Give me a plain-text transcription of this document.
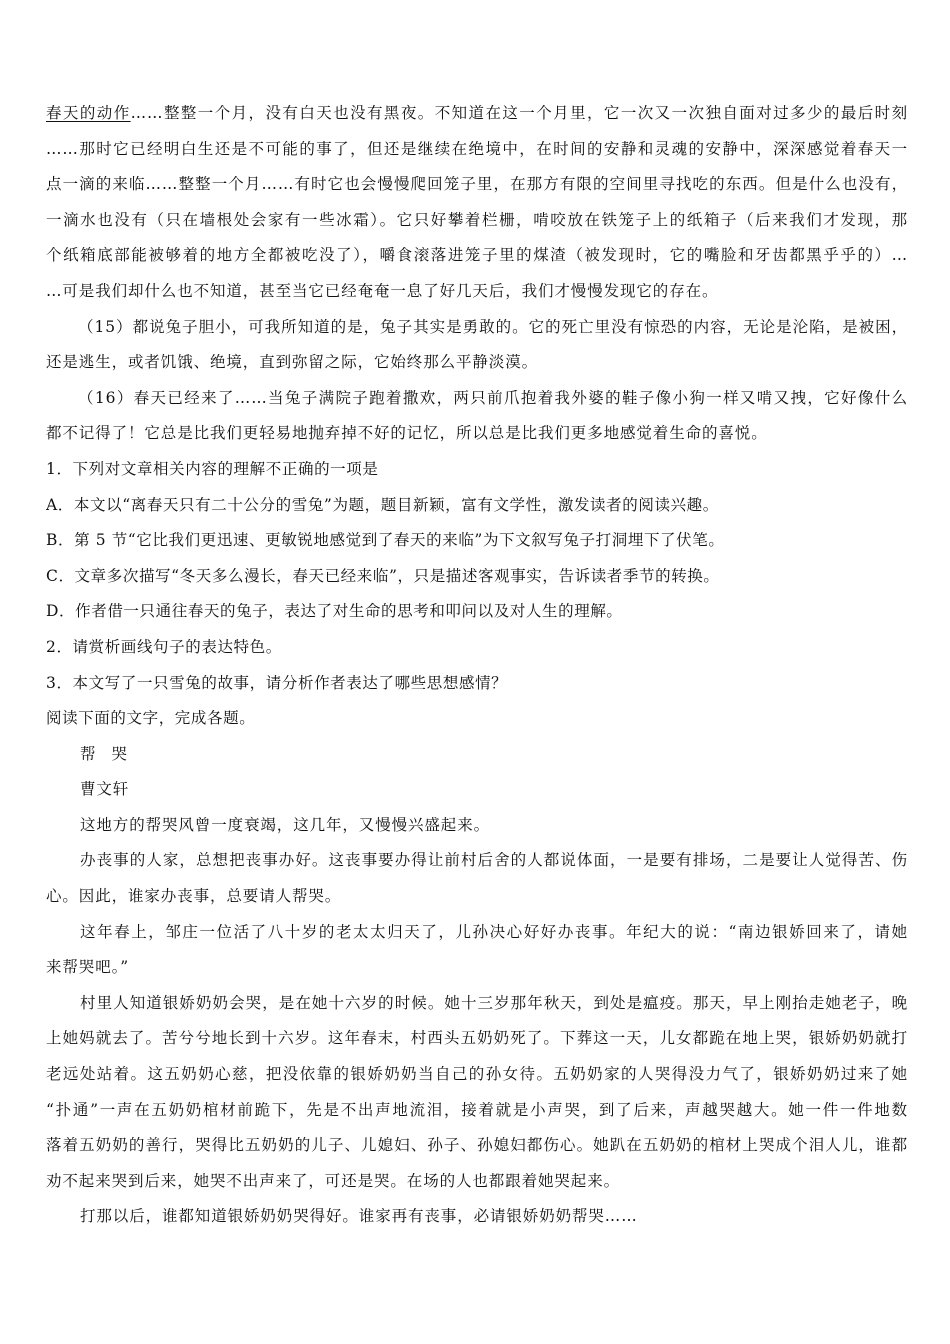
春天的动作……整整一个月，没有白天也没有黑夜。不知道在这一个月里，它一次又一次独自面对过多少的最后时刻
……那时它已经明白生还是不可能的事了，但还是继续在绝境中，在时间的安静和灵魂的安静中，深深感觉着春天一
点一滴的来临……整整一个月……有时它也会慢慢爬回笼子里，在那方有限的空间里寻找吃的东西。但是什么也没有，
一滴水也没有（只在墙根处会家有一些冰霜）。它只好攀着栏栅，啃咬放在铁笼子上的纸箱子（后来我们才发现，那
个纸箱底部能被够着的地方全都被吃没了），嚼食滚落进笼子里的煤渣（被发现时，它的嘴脸和牙齿都黑乎乎的）…
…可是我们却什么也不知道，甚至当它已经奄奄一息了好几天后，我们才慢慢发现它的存在。
（15）都说兔子胆小，可我所知道的是，兔子其实是勇敢的。它的死亡里没有惊恐的内容，无论是沦陷，是被困，
还是逃生，或者饥饿、绝境，直到弥留之际，它始终那么平静淡漠。
（16）春天已经来了……当兔子满院子跑着撒欢，两只前爪抱着我外婆的鞋子像小狗一样又啃又拽，它好像什么
都不记得了！它总是比我们更轻易地抛弃掉不好的记忆，所以总是比我们更多地感觉着生命的喜悦。
1．下列对文章相关内容的理解不正确的一项是
A．本文以“离春天只有二十公分的雪兔”为题，题目新颖，富有文学性，激发读者的阅读兴趣。
B．第 5 节“它比我们更迅速、更敏锐地感觉到了春天的来临”为下文叙写兔子打洞埋下了伏笔。
C．文章多次描写“冬天多么漫长，春天已经来临”，只是描述客观事实，告诉读者季节的转换。
D．作者借一只通往春天的兔子，表达了对生命的思考和叩问以及对人生的理解。
2．请赏析画线句子的表达特色。
3．本文写了一只雪兔的故事，请分析作者表达了哪些思想感情？
阅读下面的文字，完成各题。
帮 哭
曹文轩
这地方的帮哭风曾一度衰竭，这几年，又慢慢兴盛起来。
办丧事的人家，总想把丧事办好。这丧事要办得让前村后舍的人都说体面，一是要有排场，二是要让人觉得苦、伤
心。因此，谁家办丧事，总要请人帮哭。
这年春上，邹庄一位活了八十岁的老太太归天了，儿孙决心好好办丧事。年纪大的说：“南边银娇回来了，请她
来帮哭吧。”
村里人知道银娇奶奶会哭，是在她十六岁的时候。她十三岁那年秋天，到处是瘟疫。那天，早上刚抬走她老子，晚
上她妈就去了。苦兮兮地长到十六岁。这年春末，村西头五奶奶死了。下葬这一天，儿女都跪在地上哭，银娇奶奶就打
老远处站着。这五奶奶心慈，把没依靠的银娇奶奶当自己的孙女待。五奶奶家的人哭得没力气了，银娇奶奶过来了她
“扑通”一声在五奶奶棺材前跪下，先是不出声地流泪，接着就是小声哭，到了后来，声越哭越大。她一件一件地数
落着五奶奶的善行，哭得比五奶奶的儿子、儿媳妇、孙子、孙媳妇都伤心。她趴在五奶奶的棺材上哭成个泪人儿，谁都
劝不起来哭到后来，她哭不出声来了，可还是哭。在场的人也都跟着她哭起来。
打那以后，谁都知道银娇奶奶哭得好。谁家再有丧事，必请银娇奶奶帮哭……
